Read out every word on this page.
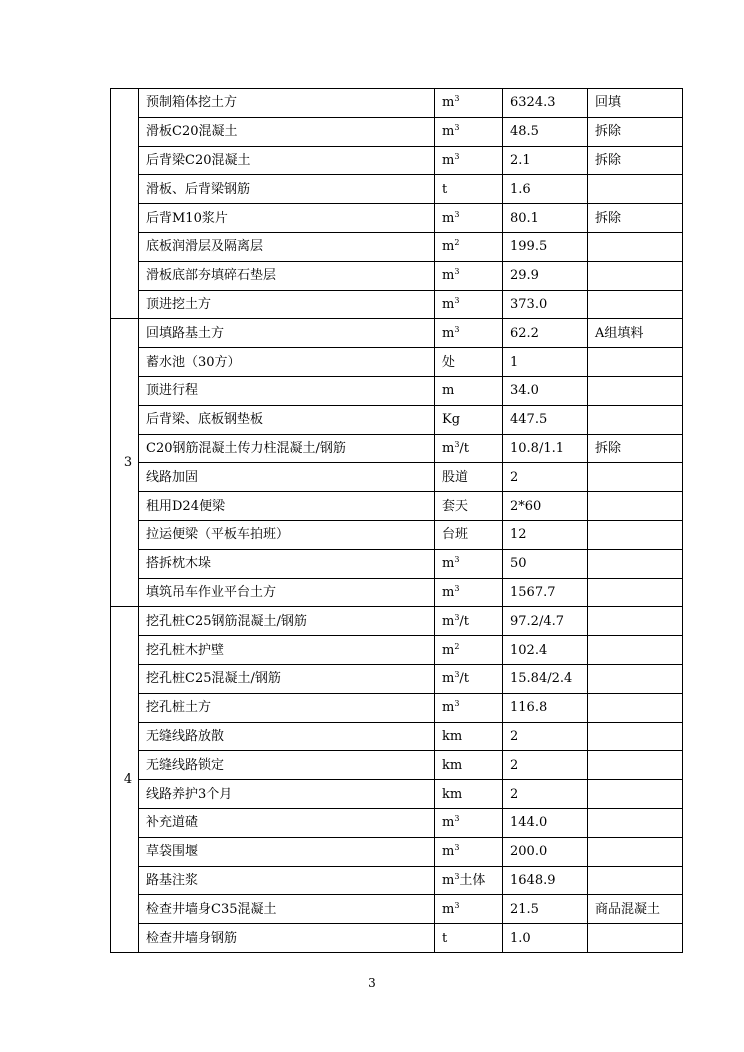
	预制箱体挖土方	$m^3$	6324.3	回填
	滑板C20混凝土	$m^3$	48.5	拆除
	后背梁C20混凝土	$m^3$	2.1	拆除
	滑板、后背梁钢筋	t	1.6	
	后背M10浆片	$m^3$	80.1	拆除
	底板润滑层及隔离层	$m^2$	199.5	
	滑板底部夯填碎石垫层	$m^3$	29.9	
	顶进挖土方	$m^3$	373.0	
3	回填路基土方	$m^3$	62.2	A组填料
	蓄水池（30方）	处	1	
	顶进行程	m	34.0	
	后背梁、底板钢垫板	Kg	447.5	
	C20钢筋混凝土传力柱混凝土/钢筋	$m^3/t$	10.8/1.1	拆除
	线路加固	股道	2	
	租用D24便梁	套天	2*60	
	拉运便梁（平板车拍班）	台班	12	
	搭拆枕木垛	$m^3$	50	
	填筑吊车作业平台土方	$m^3$	1567.7	
4	挖孔桩C25钢筋混凝土/钢筋	$m^3/t$	97.2/4.7	
	挖孔桩木护壁	$m^2$	102.4	
	挖孔桩C25混凝土/钢筋	$m^3/t$	15.84/2.4	
	挖孔桩土方	$m^3$	116.8	
	无缝线路放散	km	2	
	无缝线路锁定	km	2	
	线路养护3个月	km	2	
	补充道碴	$m^3$	144.0	
	草袋围堰	$m^3$	200.0	
	路基注浆	$m^3$土体	1648.9	
	检查井墙身C35混凝土	$m^3$	21.5	商品混凝土
	检查井墙身钢筋	t	1.0	
3
